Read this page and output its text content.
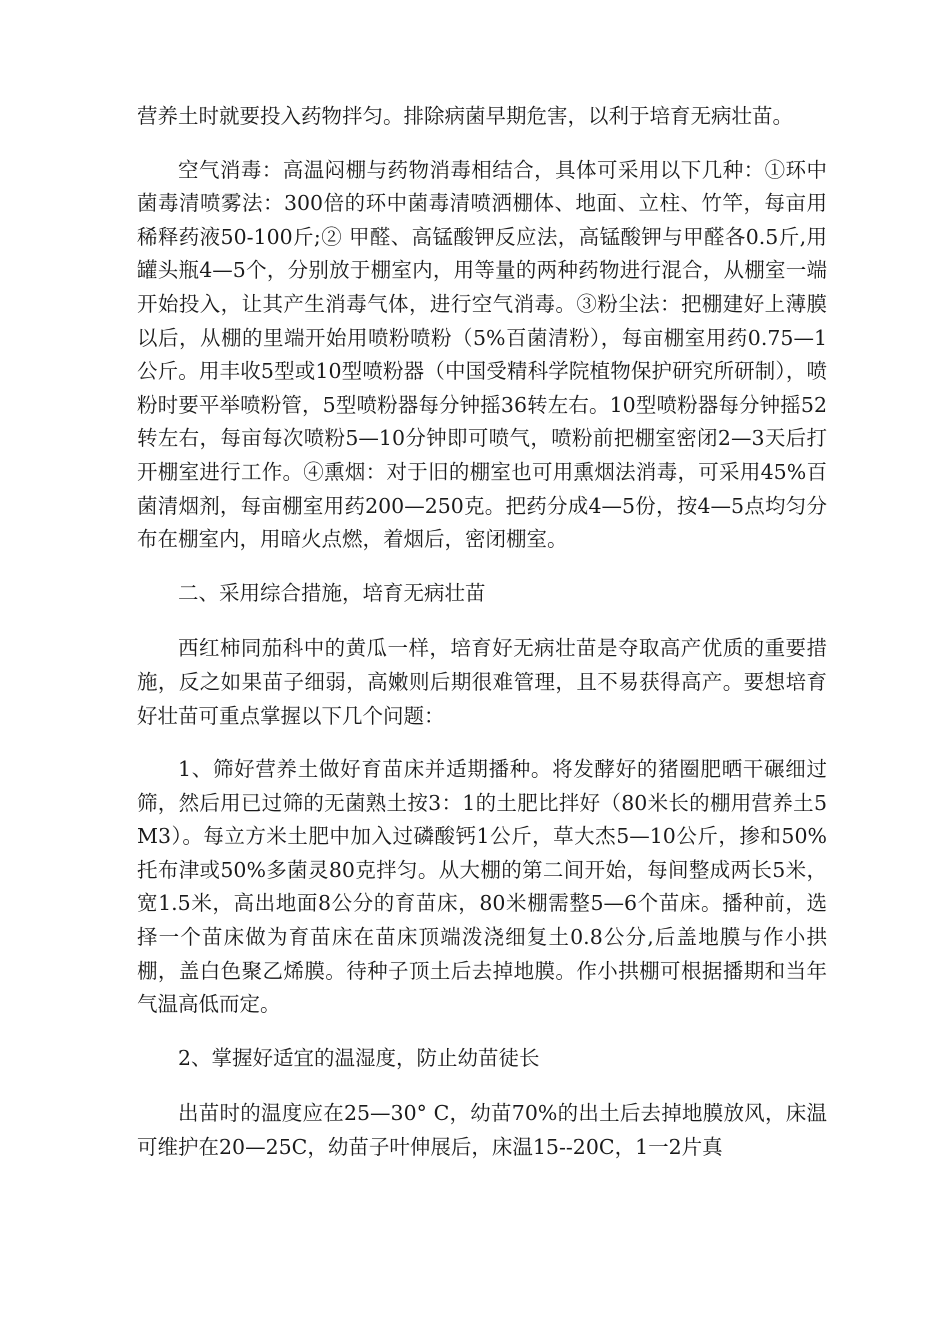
营养土时就要投入药物拌匀。排除病菌早期危害，以利于培育无病壮苗。

空气消毒：高温闷棚与药物消毒相结合，具体可采用以下几种：①环中菌毒清喷雾法：300倍的环中菌毒清喷洒棚体、地面、立柱、竹竿，每亩用稀释药液50-100斤;② 甲醛、高锰酸钾反应法，高锰酸钾与甲醛各0.5斤,用罐头瓶4—5个，分别放于棚室内，用等量的两种药物进行混合，从棚室一端开始投入，让其产生消毒气体，进行空气消毒。③粉尘法：把棚建好上薄膜以后，从棚的里端开始用喷粉喷粉（5%百菌清粉），每亩棚室用药0.75—1公斤。用丰收5型或10型喷粉器（中国受精科学院植物保护研究所研制），喷粉时要平举喷粉管，5型喷粉器每分钟摇36转左右。10型喷粉器每分钟摇52转左右，每亩每次喷粉5—10分钟即可喷气，喷粉前把棚室密闭2—3天后打开棚室进行工作。④熏烟：对于旧的棚室也可用熏烟法消毒，可采用45%百菌清烟剂，每亩棚室用药200—250克。把药分成4—5份，按4—5点均匀分布在棚室内，用暗火点燃，着烟后，密闭棚室。

二、采用综合措施，培育无病壮苗

西红柿同茄科中的黄瓜一样，培育好无病壮苗是夺取高产优质的重要措施，反之如果苗子细弱，高嫩则后期很难管理，且不易获得高产。要想培育好壮苗可重点掌握以下几个问题：

1、筛好营养土做好育苗床并适期播种。将发酵好的猪圈肥晒干碾细过筛，然后用已过筛的无菌熟土按3：1的土肥比拌好（80米长的棚用营养土5M3）。每立方米土肥中加入过磷酸钙1公斤，草大杰5—10公斤，掺和50%托布津或50%多菌灵80克拌匀。从大棚的第二间开始，每间整成两长5米，宽1.5米，高出地面8公分的育苗床，80米棚需整5—6个苗床。播种前，选择一个苗床做为育苗床在苗床顶端泼浇细复土0.8公分,后盖地膜与作小拱棚，盖白色聚乙烯膜。待种子顶土后去掉地膜。作小拱棚可根据播期和当年气温高低而定。

2、掌握好适宜的温湿度，防止幼苗徒长

出苗时的温度应在25—30° C，幼苗70%的出土后去掉地膜放风，床温可维护在20—25C，幼苗子叶伸展后，床温15--20C，1一2片真
